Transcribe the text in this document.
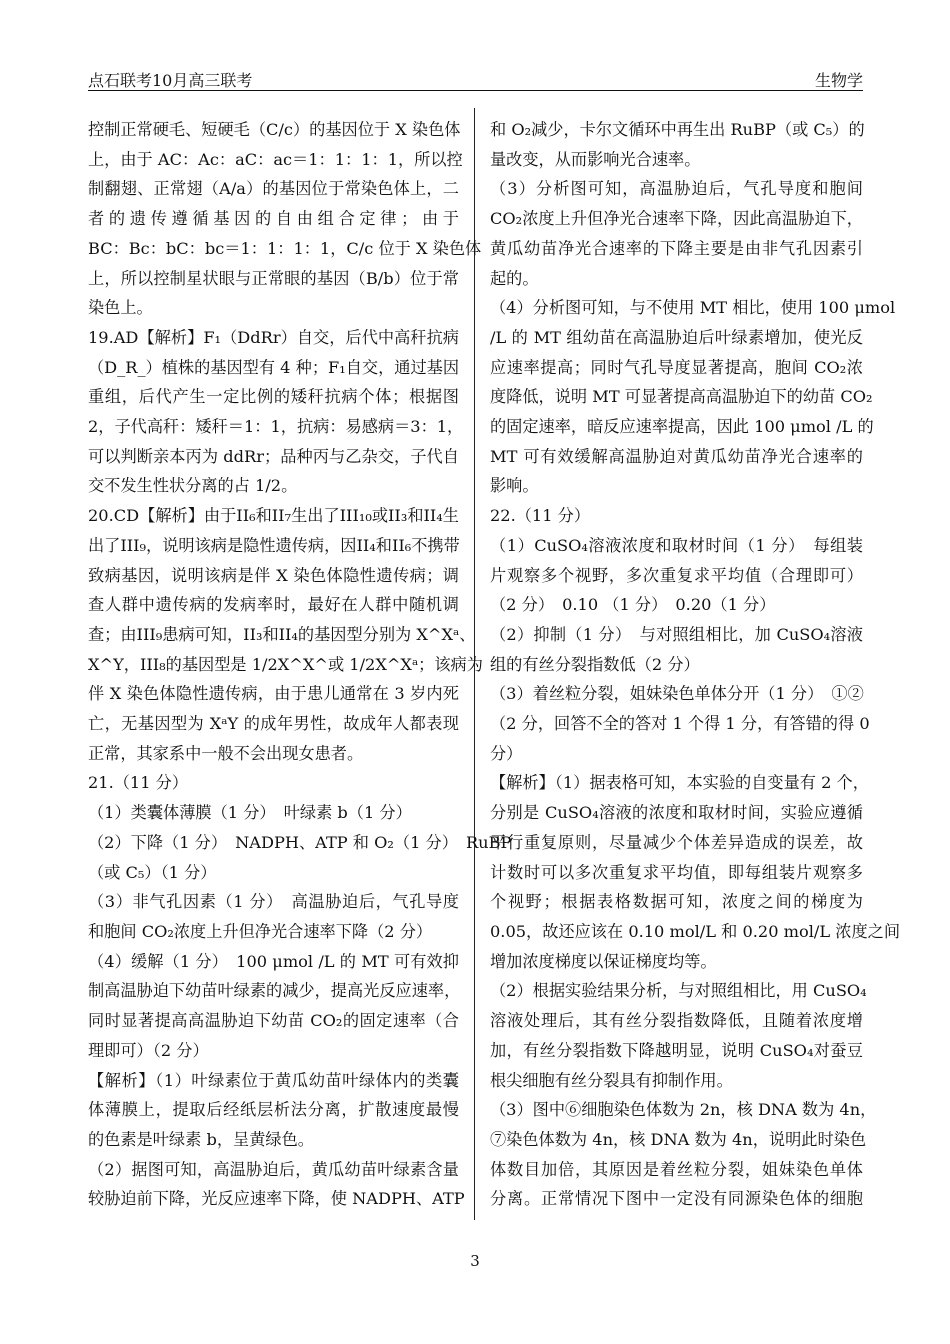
点石联考10月高三联考	生物学
控制正常硬毛、短硬毛（C/c）的基因位于 X 染色体
上，由于 AC：Ac：aC：ac＝1：1：1：1，所以控
制翻翅、正常翅（A/a）的基因位于常染色体上，二
者的遗传遵循基因的自由组合定律；由于
BC：Bc：bC：bc＝1：1：1：1，C/c 位于 X 染色体
上，所以控制星状眼与正常眼的基因（B/b）位于常
染色上。
19.AD【解析】F₁（DdRr）自交，后代中高秆抗病
（D_R_）植株的基因型有 4 种；F₁自交，通过基因
重组，后代产生一定比例的矮秆抗病个体；根据图
2，子代高秆：矮秆＝1：1，抗病：易感病＝3：1，
可以判断亲本丙为 ddRr；品种丙与乙杂交，子代自
交不发生性状分离的占 1/2。
20.CD【解析】由于II₆和II₇生出了III₁₀或II₃和II₄生
出了III₉，说明该病是隐性遗传病，因II₄和II₆不携带
致病基因，说明该病是伴 X 染色体隐性遗传病；调
查人群中遗传病的发病率时，最好在人群中随机调
查；由III₉患病可知，II₃和II₄的基因型分别为 X^Xᵃ、
X^Y，III₈的基因型是 1/2X^X^或 1/2X^Xᵃ；该病为
伴 X 染色体隐性遗传病，由于患儿通常在 3 岁内死
亡，无基因型为 XᵃY 的成年男性，故成年人都表现
正常，其家系中一般不会出现女患者。
21.（11 分）
（1）类囊体薄膜（1 分）　叶绿素 b（1 分）
（2）下降（1 分）　NADPH、ATP 和 O₂（1 分）　RuBP
（或 C₅）（1 分）
（3）非气孔因素（1 分）　高温胁迫后，气孔导度
和胞间 CO₂浓度上升但净光合速率下降（2 分）
（4）缓解（1 分）　100 μmol /L 的 MT 可有效抑
制高温胁迫下幼苗叶绿素的减少，提高光反应速率，
同时显著提高高温胁迫下幼苗 CO₂的固定速率（合
理即可）（2 分）
【解析】（1）叶绿素位于黄瓜幼苗叶绿体内的类囊
体薄膜上，提取后经纸层析法分离，扩散速度最慢
的色素是叶绿素 b，呈黄绿色。
（2）据图可知，高温胁迫后，黄瓜幼苗叶绿素含量
较胁迫前下降，光反应速率下降，使 NADPH、ATP
和 O₂减少，卡尔文循环中再生出 RuBP（或 C₅）的
量改变，从而影响光合速率。
（3）分析图可知，高温胁迫后，气孔导度和胞间
CO₂浓度上升但净光合速率下降，因此高温胁迫下，
黄瓜幼苗净光合速率的下降主要是由非气孔因素引
起的。
（4）分析图可知，与不使用 MT 相比，使用 100 μmol
/L 的 MT 组幼苗在高温胁迫后叶绿素增加，使光反
应速率提高；同时气孔导度显著提高，胞间 CO₂浓
度降低，说明 MT 可显著提高高温胁迫下的幼苗 CO₂
的固定速率，暗反应速率提高，因此 100 μmol /L 的
MT 可有效缓解高温胁迫对黄瓜幼苗净光合速率的
影响。
22.（11 分）
（1）CuSO₄溶液浓度和取材时间（1 分）　每组装
片观察多个视野，多次重复求平均值（合理即可）
（2 分）　0.10 （1 分）　0.20（1 分）
（2）抑制（1 分）　与对照组相比，加 CuSO₄溶液
组的有丝分裂指数低（2 分）
（3）着丝粒分裂，姐妹染色单体分开（1 分）　①②
（2 分，回答不全的答对 1 个得 1 分，有答错的得 0
分）
【解析】（1）据表格可知，本实验的自变量有 2 个，
分别是 CuSO₄溶液的浓度和取材时间，实验应遵循
平行重复原则，尽量减少个体差异造成的误差，故
计数时可以多次重复求平均值，即每组装片观察多
个视野；根据表格数据可知，浓度之间的梯度为
0.05，故还应该在 0.10 mol/L 和 0.20 mol/L 浓度之间
增加浓度梯度以保证梯度均等。
（2）根据实验结果分析，与对照组相比，用 CuSO₄
溶液处理后，其有丝分裂指数降低，且随着浓度增
加，有丝分裂指数下降越明显，说明 CuSO₄对蚕豆
根尖细胞有丝分裂具有抑制作用。
（3）图中⑥细胞染色体数为 2n，核 DNA 数为 4n，
⑦染色体数为 4n，核 DNA 数为 4n，说明此时染色
体数目加倍，其原因是着丝粒分裂，姐妹染色单体
分离。正常情况下图中一定没有同源染色体的细胞
3
